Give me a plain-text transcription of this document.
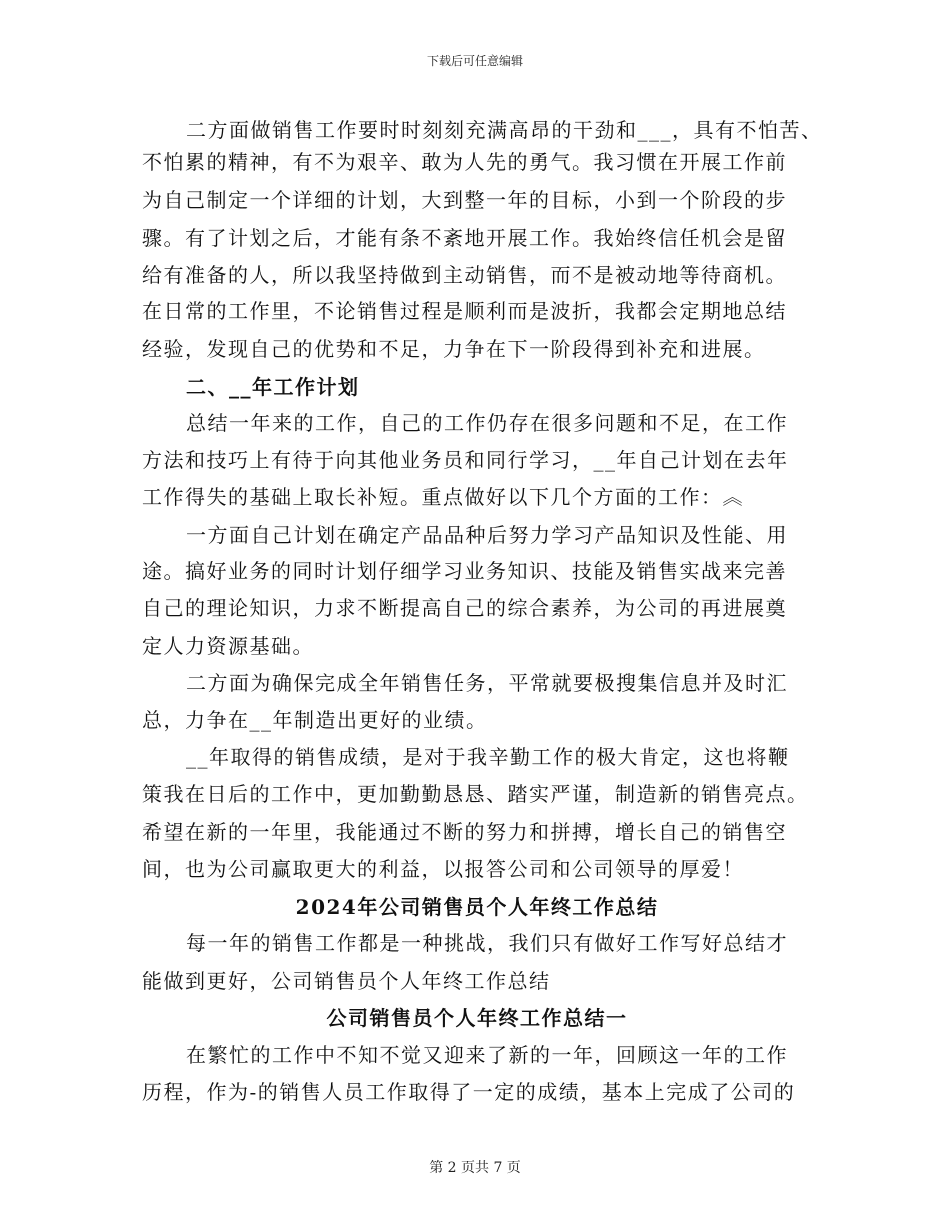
下载后可任意编辑

二方面做销售工作要时时刻刻充满高昂的干劲和___，具有不怕苦、

不怕累的精神，有不为艰辛、敢为人先的勇气。我习惯在开展工作前

为自己制定一个详细的计划，大到整一年的目标，小到一个阶段的步

骤。有了计划之后，才能有条不紊地开展工作。我始终信任机会是留

给有准备的人，所以我坚持做到主动销售，而不是被动地等待商机。

在日常的工作里，不论销售过程是顺利而是波折，我都会定期地总结

经验，发现自己的优势和不足，力争在下一阶段得到补充和进展。

二、__年工作计划

总结一年来的工作，自己的工作仍存在很多问题和不足，在工作

方法和技巧上有待于向其他业务员和同行学习，__年自己计划在去年

工作得失的基础上取长补短。重点做好以下几个方面的工作：︽

一方面自己计划在确定产品品种后努力学习产品知识及性能、用

途。搞好业务的同时计划仔细学习业务知识、技能及销售实战来完善

自己的理论知识，力求不断提高自己的综合素养，为公司的再进展奠

定人力资源基础。

二方面为确保完成全年销售任务，平常就要极搜集信息并及时汇

总，力争在__年制造出更好的业绩。

__年取得的销售成绩，是对于我辛勤工作的极大肯定，这也将鞭

策我在日后的工作中，更加勤勤恳恳、踏实严谨，制造新的销售亮点。

希望在新的一年里，我能通过不断的努力和拼搏，增长自己的销售空

间，也为公司赢取更大的利益，以报答公司和公司领导的厚爱！

2024年公司销售员个人年终工作总结

每一年的销售工作都是一种挑战，我们只有做好工作写好总结才

能做到更好，公司销售员个人年终工作总结

公司销售员个人年终工作总结一

在繁忙的工作中不知不觉又迎来了新的一年，回顾这一年的工作

历程，作为-的销售人员工作取得了一定的成绩，基本上完成了公司的

第 2 页共 7 页
